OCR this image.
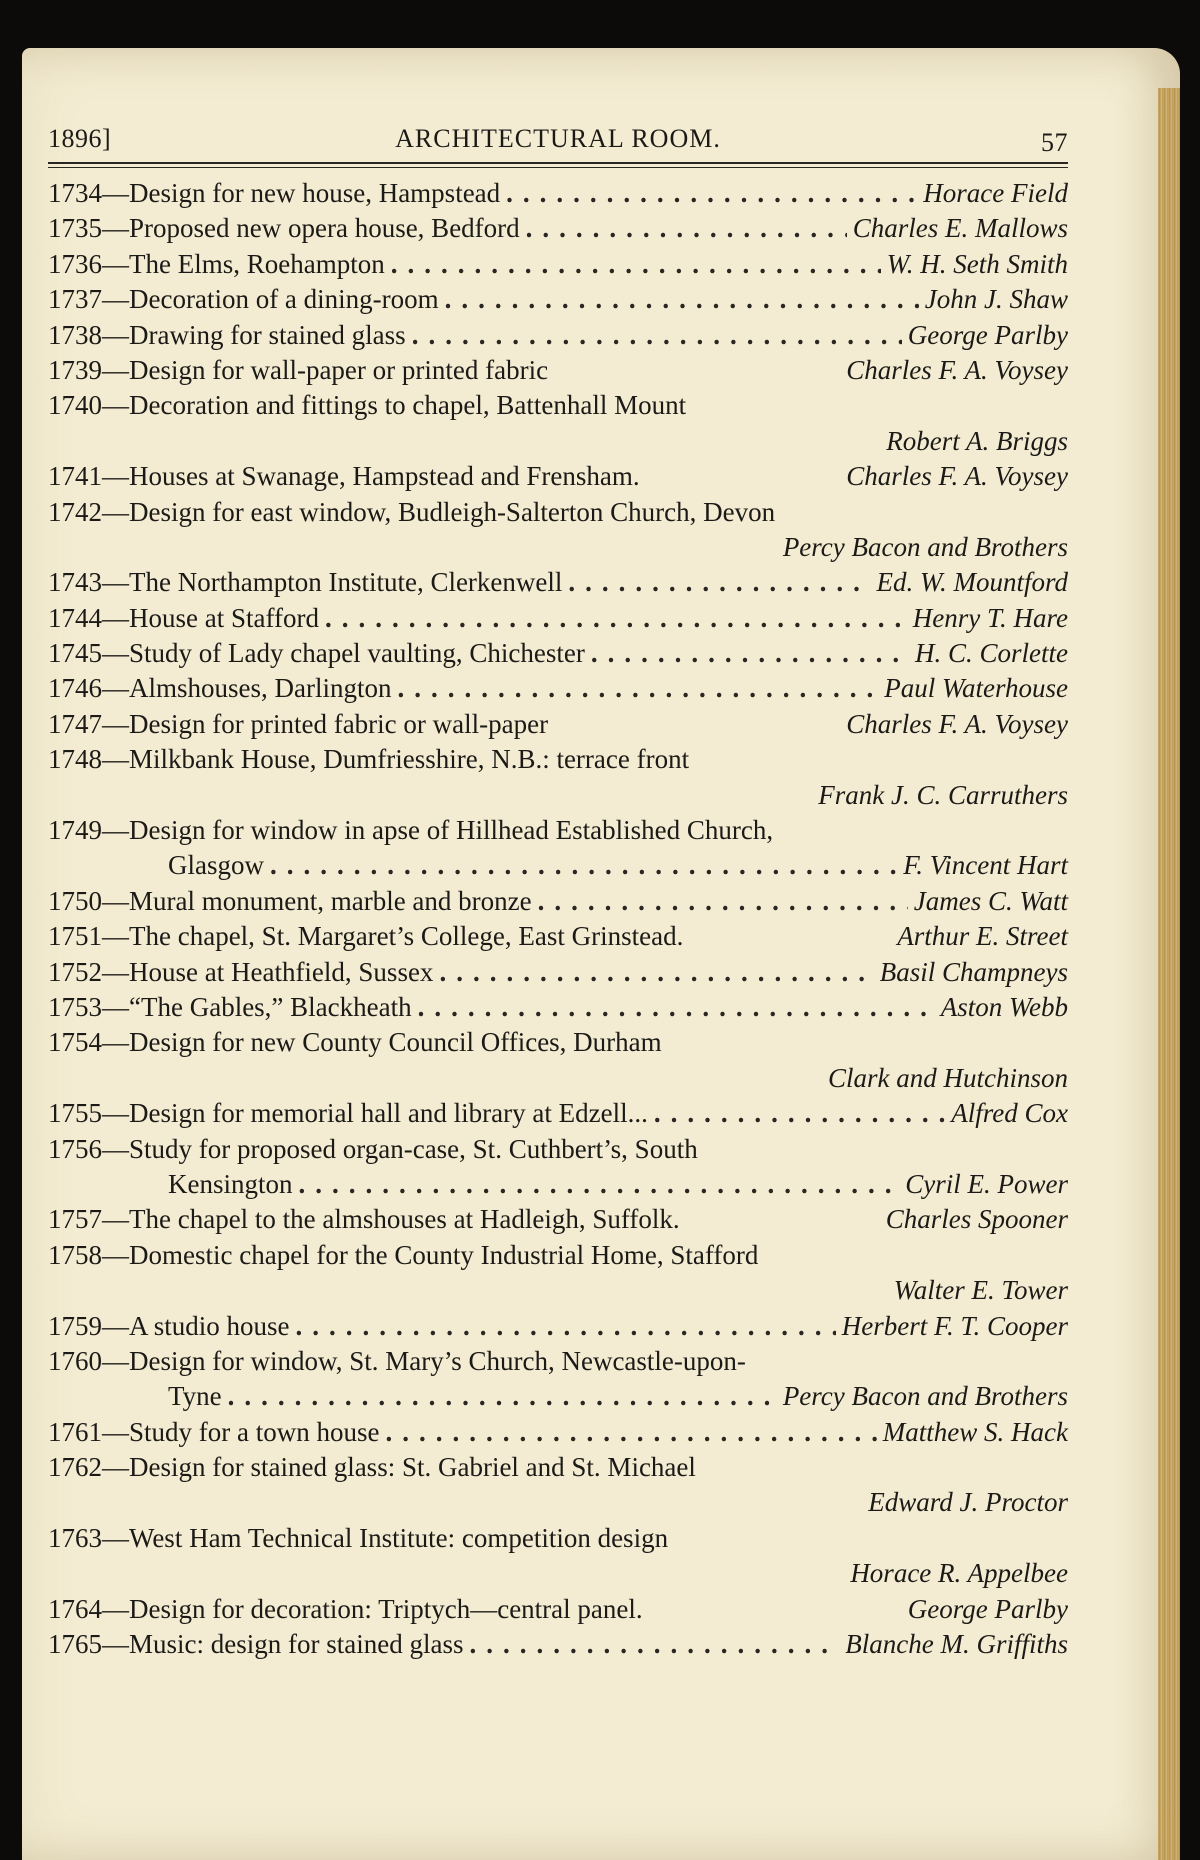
1896]	ARCHITECTURAL ROOM.	57
1734— Design for new house, Hampstead .....	Horace Field
1735— Proposed new opera house, Bedford .....	Charles E. Mallows
1736— The Elms, Roehampton .....	W. H. Seth Smith
1737— Decoration of a dining-room .....	John J. Shaw
1738— Drawing for stained glass .....	George Parlby
1739— Design for wall-paper or printed fabric	Charles F. A. Voysey
1740— Decoration and fittings to chapel, Battenhall Mount
Robert A. Briggs
1741— Houses at Swanage, Hampstead and Frensham.	Charles F. A. Voysey
1742— Design for east window, Budleigh-Salterton Church, Devon
Percy Bacon and Brothers
1743— The Northampton Institute, Clerkenwell .....	Ed. W. Mountford
1744— House at Stafford .....	Henry T. Hare
1745— Study of Lady chapel vaulting, Chichester .....	H. C. Corlette
1746— Almshouses, Darlington .....	Paul Waterhouse
1747— Design for printed fabric or wall-paper	Charles F. A. Voysey
1748— Milkbank House, Dumfriesshire, N.B.: terrace front
Frank J. C. Carruthers
1749— Design for window in apse of Hillhead Established Church,
Glasgow .....	F. Vincent Hart
1750— Mural monument, marble and bronze .....	James C. Watt
1751— The chapel, St. Margaret’s College, East Grinstead.	Arthur E. Street
1752— House at Heathfield, Sussex .....	Basil Champneys
1753— “The Gables,” Blackheath .....	Aston Webb
1754— Design for new County Council Offices, Durham
Clark and Hutchinson
1755— Design for memorial hall and library at Edzell... .....	Alfred Cox
1756— Study for proposed organ-case, St. Cuthbert’s, South
Kensington .....	Cyril E. Power
1757— The chapel to the almshouses at Hadleigh, Suffolk.	Charles Spooner
1758— Domestic chapel for the County Industrial Home, Stafford
Walter E. Tower
1759— A studio house .....	Herbert F. T. Cooper
1760— Design for window, St. Mary’s Church, Newcastle-upon-
Tyne .....	Percy Bacon and Brothers
1761— Study for a town house .....	Matthew S. Hack
1762— Design for stained glass: St. Gabriel and St. Michael
Edward J. Proctor
1763— West Ham Technical Institute: competition design
Horace R. Appelbee
1764— Design for decoration: Triptych—central panel.	George Parlby
1765— Music: design for stained glass .....	Blanche M. Griffiths
